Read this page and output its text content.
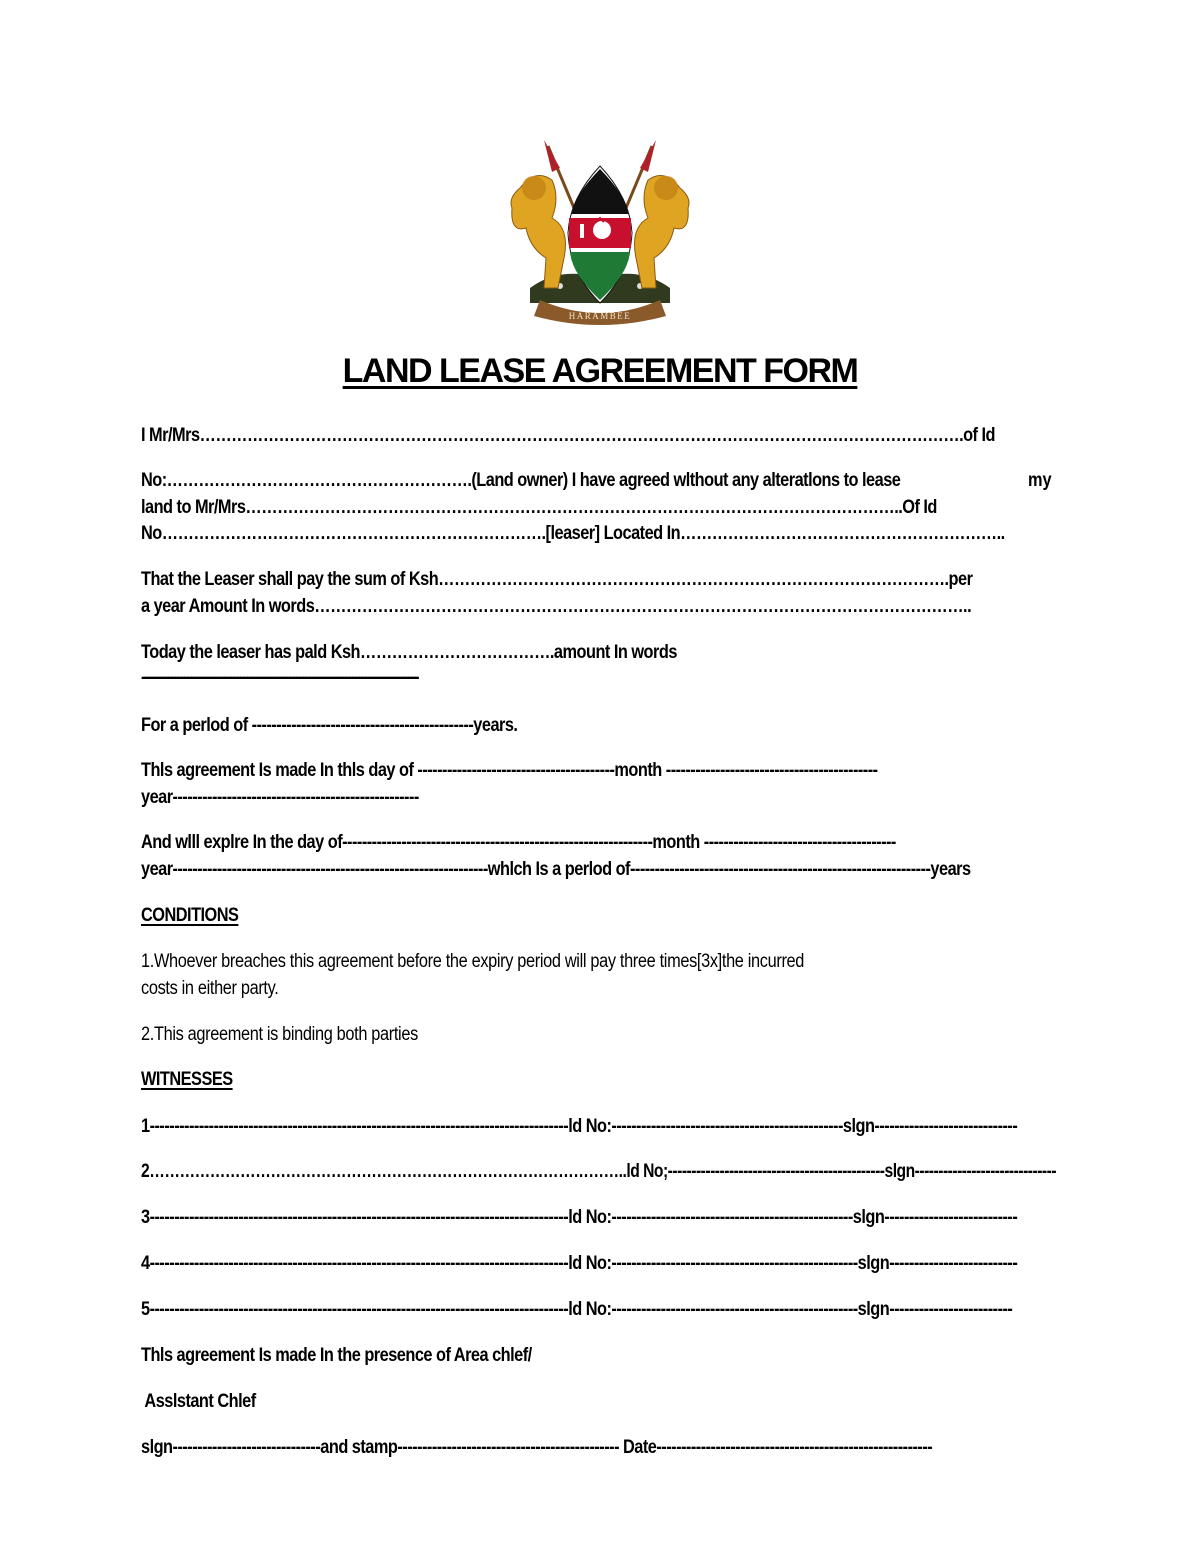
HARAMBEE
LAND LEASE AGREEMENT FORM
I Mr/Mrs……………………………………………………………………………………………………………………………….of Id
No:………………………………………………….(Land owner) I have agreed wlthout any alteratlons to lease	my
land to Mr/Mrs……………………………………………………………………………………………………………..Of Id
No……………………………………………………………….[leaser] Located In……………………………………………………..
That the Leaser shall pay the sum of Ksh…………………………………………………………………………………….per
a year Amount In words……………………………………………………………………………………………………………..
Today the leaser has pald Ksh……………………………….amount In words
------------------------------------------------------------------------------------
For a perlod of ---------------------------------------------years.
Thls agreement Is made In thls day of ----------------------------------------month -------------------------------------------
year--------------------------------------------------
And wlll explre In the day of---------------------------------------------------------------month ---------------------------------------
year----------------------------------------------------------------whlch Is a perlod of-------------------------------------------------------------years
CONDITIONS
1.Whoever breaches this agreement before the expiry period will pay three times[3x]the incurred
costs in either party.
2.This agreement is binding both parties
WITNESSES
1-------------------------------------------------------------------------------------ld No:-----------------------------------------------slgn-----------------------------
2…………………………………………………………………………………..ld No;----------------------------------------------slgn------------------------------
3-------------------------------------------------------------------------------------ld No:-------------------------------------------------slgn---------------------------
4-------------------------------------------------------------------------------------ld No:--------------------------------------------------slgn--------------------------
5-------------------------------------------------------------------------------------ld No:--------------------------------------------------slgn-------------------------
Thls agreement Is made In the presence of Area chlef/
Asslstant Chlef
slgn------------------------------and stamp--------------------------------------------- Date--------------------------------------------------------
